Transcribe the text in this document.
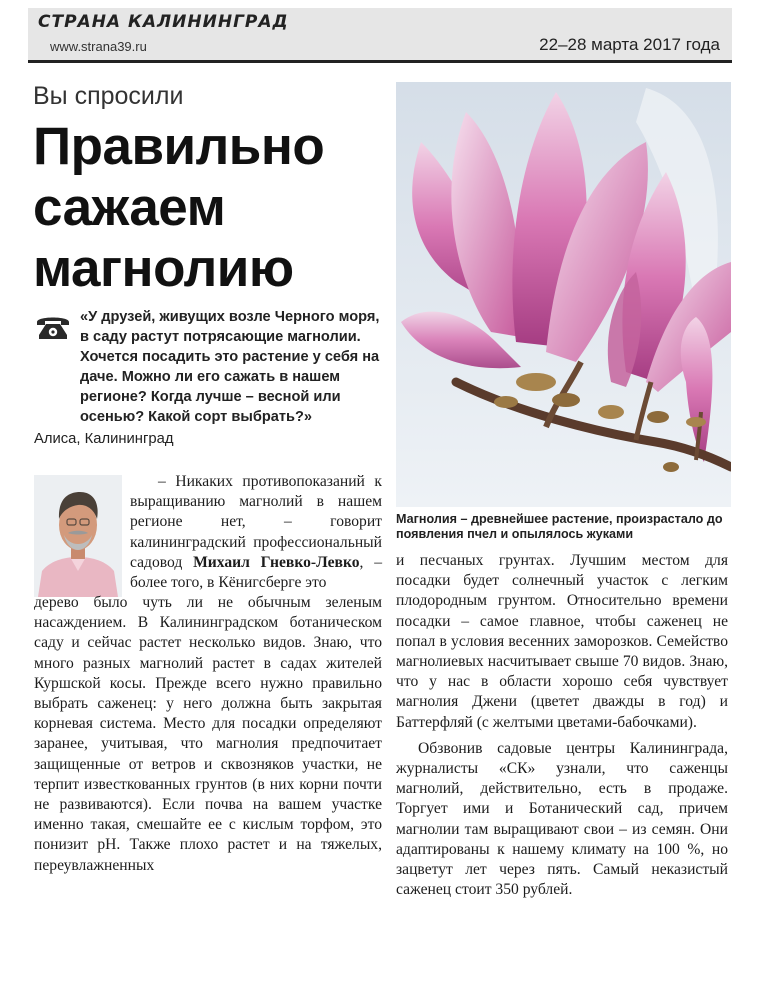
СТРАНА КАЛИНИНГРАД
www.strana39.ru	22–28 марта 2017 года
Вы спросили
Правильно
сажаем
магнолию
«У друзей, живущих возле Черного моря, в саду растут потрясающие магнолии. Хочется посадить это растение у себя на даче. Можно ли его сажать в нашем регионе? Когда лучше – весной или осенью? Какой сорт выбрать?»
Алиса, Калининград
– Никаких противопоказаний к выращиванию магнолий в нашем регионе нет, – говорит калининградский профессиональный садовод Михаил Гневко-Левко, – более того, в Кёнигсберге это
дерево было чуть ли не обычным зеленым насаждением. В Калининградском ботаническом саду и сейчас растет несколько видов. Знаю, что много разных магнолий растет в садах жителей Куршской косы. Прежде всего нужно правильно выбрать саженец: у него должна быть закрытая корневая система. Место для посадки определяют заранее, учитывая, что магнолия предпочитает защищенные от ветров и сквозняков участки, не терпит известкованных грунтов (в них корни почти не развиваются). Если почва на вашем участке именно такая, смешайте ее с кислым торфом, это понизит pH. Также плохо растет и на тяжелых, переувлажненных
Магнолия – древнейшее растение, произрастало до появления пчел и опылялось жуками

и песчаных грунтах. Лучшим местом для посадки будет солнечный участок с легким плодородным грунтом. Относительно времени посадки – самое главное, чтобы саженец не попал в условия весенних заморозков. Семейство магнолиевых насчитывает свыше 70 видов. Знаю, что у нас в области хорошо себя чувствует магнолия Джени (цветет дважды в год) и Баттерфляй (с желтыми цветами-бабочками).

Обзвонив садовые центры Калининграда, журналисты «СК» узнали, что саженцы магнолий, действительно, есть в продаже. Торгует ими и Ботанический сад, причем магнолии там выращивают свои – из семян. Они адаптированы к нашему климату на 100 %, но зацветут лет через пять. Самый неказистый саженец стоит 350 рублей.
